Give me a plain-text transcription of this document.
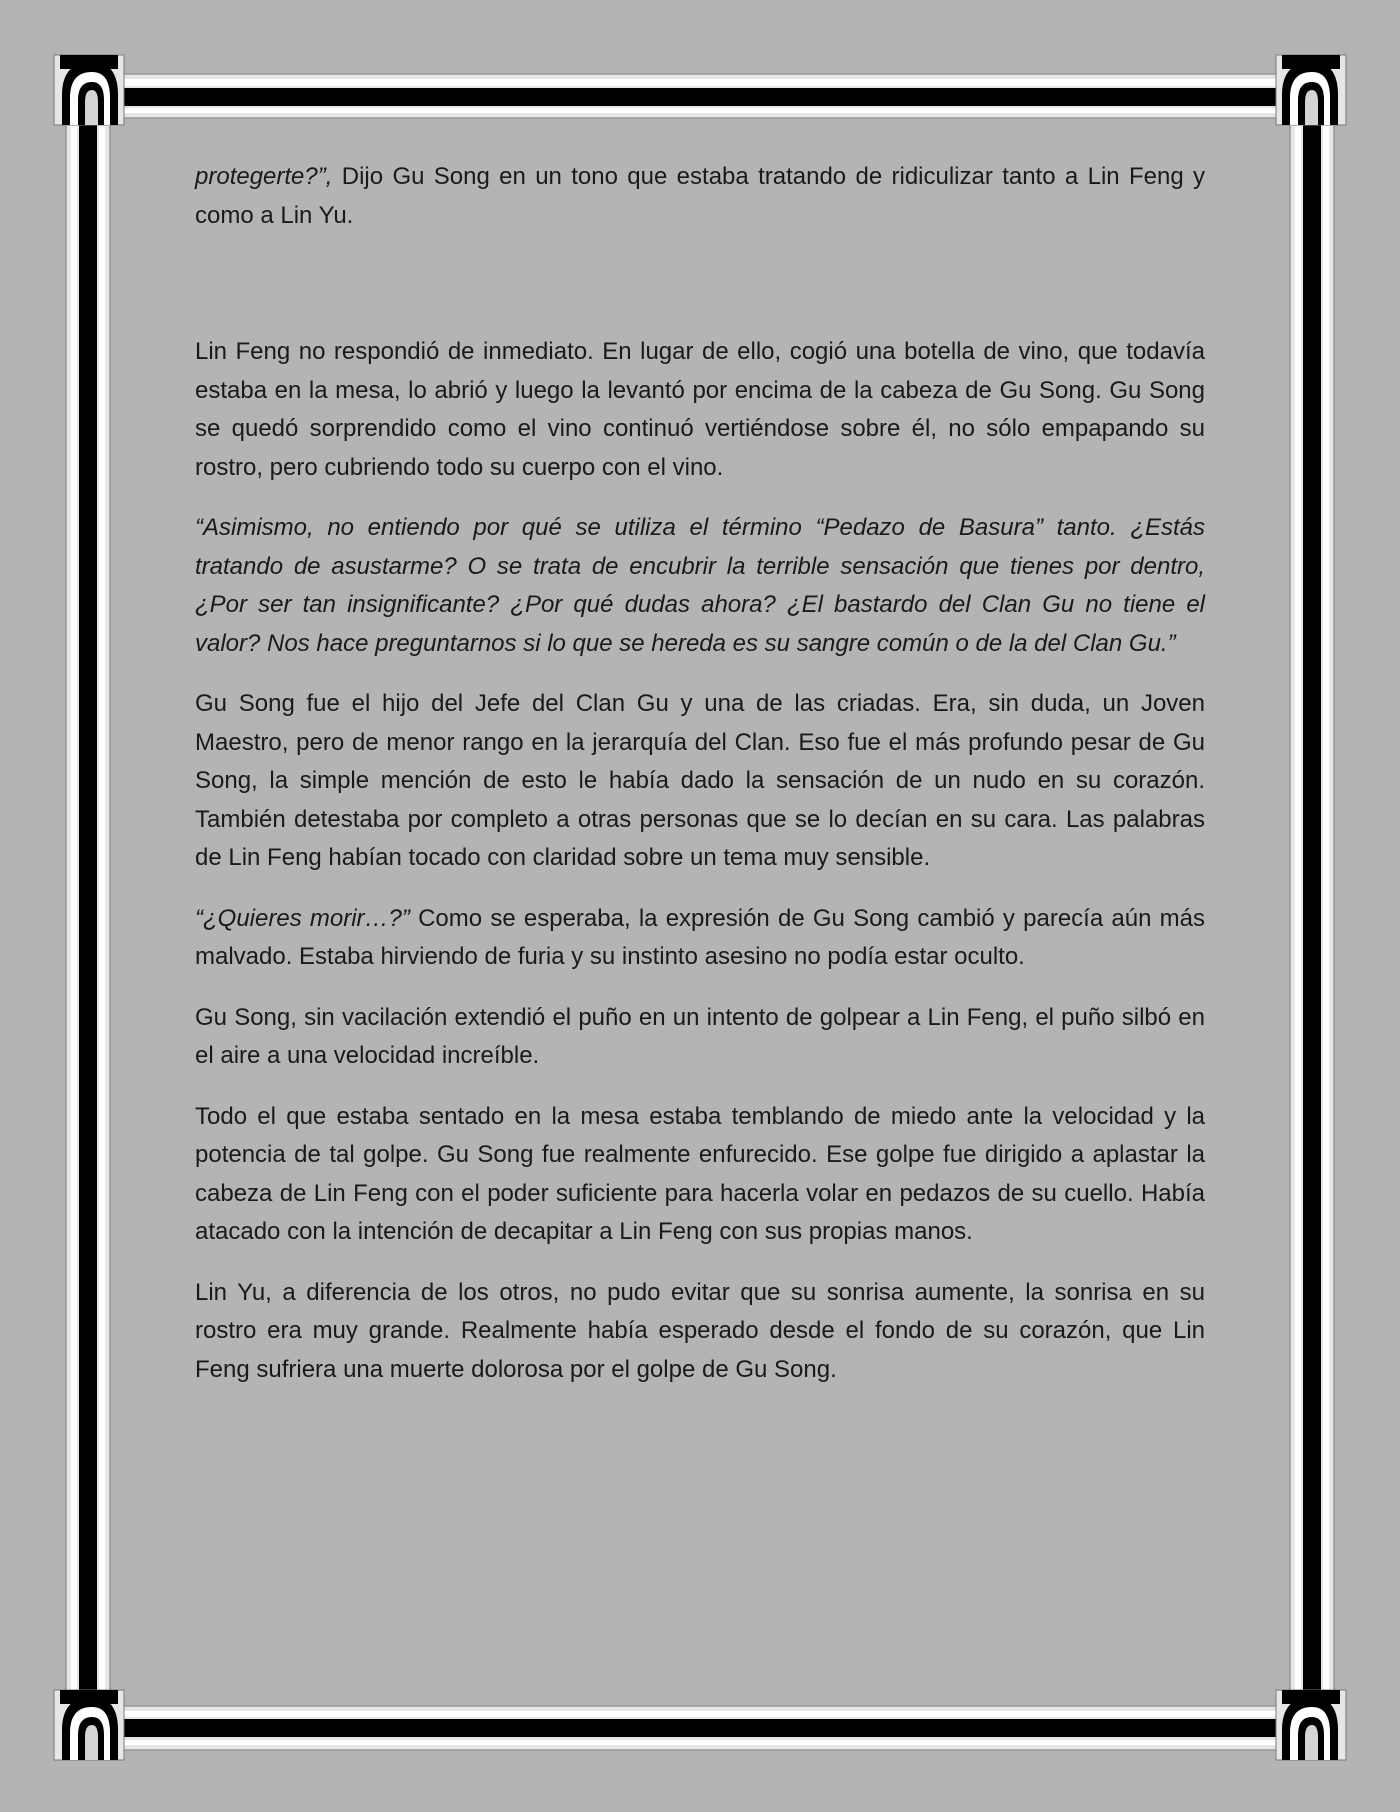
protegerte?”, Dijo Gu Song en un tono que estaba tratando de ridiculizar tanto a Lin Feng y como a Lin Yu.

Lin Feng no respondió de inmediato. En lugar de ello, cogió una botella de vino, que todavía estaba en la mesa, lo abrió y luego la levantó por encima de la cabeza de Gu Song. Gu Song se quedó sorprendido como el vino continuó vertiéndose sobre él, no sólo empapando su rostro, pero cubriendo todo su cuerpo con el vino.

“Asimismo, no entiendo por qué se utiliza el término “Pedazo de Basura” tanto. ¿Estás tratando de asustarme? O se trata de encubrir la terrible sensación que tienes por dentro, ¿Por ser tan insignificante? ¿Por qué dudas ahora? ¿El bastardo del Clan Gu no tiene el valor? Nos hace preguntarnos si lo que se hereda es su sangre común o de la del Clan Gu.”

Gu Song fue el hijo del Jefe del Clan Gu y una de las criadas. Era, sin duda, un Joven Maestro, pero de menor rango en la jerarquía del Clan. Eso fue el más profundo pesar de Gu Song, la simple mención de esto le había dado la sensación de un nudo en su corazón. También detestaba por completo a otras personas que se lo decían en su cara. Las palabras de Lin Feng habían tocado con claridad sobre un tema muy sensible.

“¿Quieres morir…?” Como se esperaba, la expresión de Gu Song cambió y parecía aún más malvado. Estaba hirviendo de furia y su instinto asesino no podía estar oculto.

Gu Song, sin vacilación extendió el puño en un intento de golpear a Lin Feng, el puño silbó en el aire a una velocidad increíble.

Todo el que estaba sentado en la mesa estaba temblando de miedo ante la velocidad y la potencia de tal golpe. Gu Song fue realmente enfurecido. Ese golpe fue dirigido a aplastar la cabeza de Lin Feng con el poder suficiente para hacerla volar en pedazos de su cuello. Había atacado con la intención de decapitar a Lin Feng con sus propias manos.

Lin Yu, a diferencia de los otros, no pudo evitar que su sonrisa aumente, la sonrisa en su rostro era muy grande. Realmente había esperado desde el fondo de su corazón, que Lin Feng sufriera una muerte dolorosa por el golpe de Gu Song.
